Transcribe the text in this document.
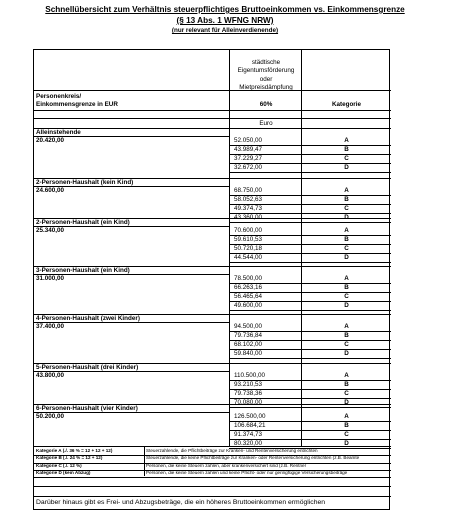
Schnellübersicht zum Verhältnis steuerpflichtiges Bruttoeinkommen vs. Einkommensgrenze
(§ 13 Abs. 1 WFNG NRW)
(nur relevant für Alleinverdienende)
städtische
Eigentumsförderung
oder
Mietpreisdämpfung
Personenkreis/
Einkommensgrenze in EUR	60%	Kategorie
Euro
Alleinstehende
20.420,00	52.050,00	A
43.989,47	B
37.229,27	C
32.672,00	D
2-Personen-Haushalt (kein Kind)
24.600,00	68.750,00	A
58.052,63	B
49.374,73	C
43.360,00	D
2-Personen-Haushalt (ein Kind)
25.340,00	70.600,00	A
59.610,53	B
50.720,18	C
44.544,00	D
3-Personen-Haushalt (ein Kind)
31.000,00	78.500,00	A
66.263,16	B
56.465,64	C
49.600,00	D
4-Personen-Haushalt (zwei Kinder)
37.400,00	94.500,00	A
79.736,84	B
68.102,00	C
59.840,00	D
5-Personen-Haushalt (drei Kinder)
43.800,00	110.500,00	A
93.210,53	B
79.738,36	C
70.080,00	D
6-Personen-Haushalt (vier Kinder)
50.200,00	126.500,00	A
106.684,21	B
91.374,73	C
80.320,00	D
Kategorie A (./. 36 % = 12 + 12 + 12)	Steuerzahlende, die Pflichtbeiträge zur Kranken- und Rentenversicherung entrichten
Kategorie B (./. 24 % = 12 + 12)	Steuerzahlende, die keine Pflichtbeiträge zur Kranken- oder Rentenversicherung entrichten (z.B. Beamte
Kategorie C (./. 12 %)	Personen, die keine Steuern zahlen, aber krankenversichert sind (z.B. Rentner
Kategorie D (kein Abzug)	Personen, die keine Steuern zahlen und keine Pflicht- oder nur geringfügige Versicherungsbeiträge
Darüber hinaus gibt es Frei- und Abzugsbeträge, die ein höheres Bruttoeinkommen ermöglichen
